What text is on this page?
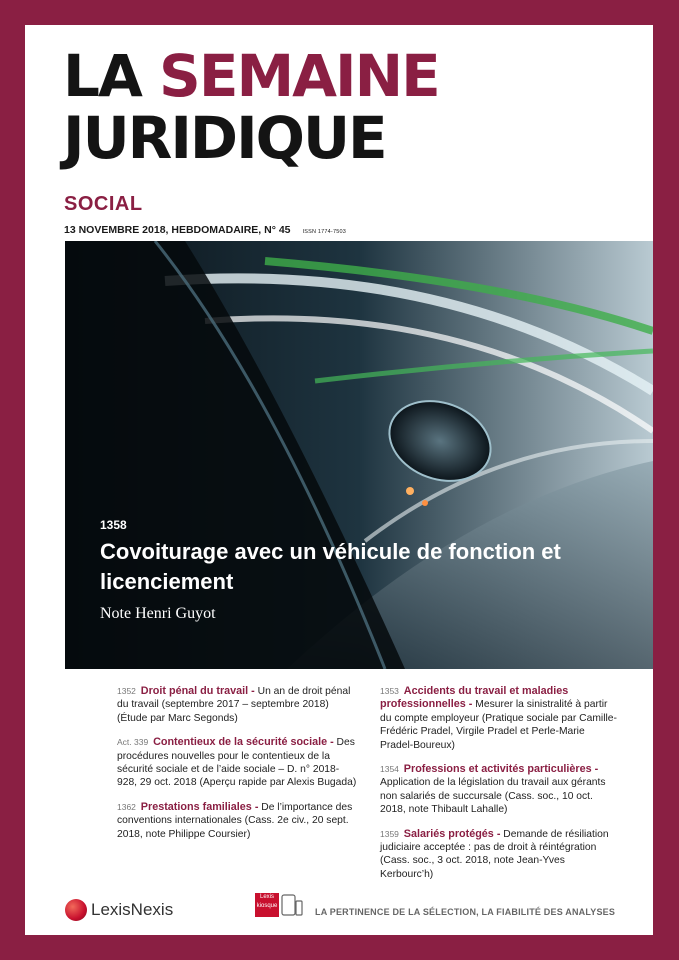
LA SEMAINE
JURIDIQUE
SOCIAL
13 NOVEMBRE 2018, HEBDOMADAIRE, N° 45 ISSN 1774-7503
1358
Covoiturage avec un véhicule de fonction et licenciement
Note Henri Guyot
1352 Droit pénal du travail - Un an de droit pénal du travail (septembre 2017 – septembre 2018) (Étude par Marc Segonds)
Act. 339 Contentieux de la sécurité sociale - Des procédures nouvelles pour le contentieux de la sécurité sociale et de l’aide sociale – D. n° 2018-928, 29 oct. 2018 (Aperçu rapide par Alexis Bugada)
1362 Prestations familiales - De l’importance des conventions internationales (Cass. 2e civ., 20 sept. 2018, note Philippe Coursier)
1353 Accidents du travail et maladies professionnelles - Mesurer la sinistralité à partir du compte employeur (Pratique sociale par Camille-Frédéric Pradel, Virgile Pradel et Perle-Marie Pradel-Boureux)
1354 Professions et activités particulières - Application de la législation du travail aux gérants non salariés de succursale (Cass. soc., 10 oct. 2018, note Thibault Lahalle)
1359 Salariés protégés - Demande de résiliation judiciaire acceptée : pas de droit à réintégration (Cass. soc., 3 oct. 2018, note Jean-Yves Kerbourc’h)
LexisNexis
Lexis
kiosque
LA PERTINENCE DE LA SÉLECTION, LA FIABILITÉ DES ANALYSES
